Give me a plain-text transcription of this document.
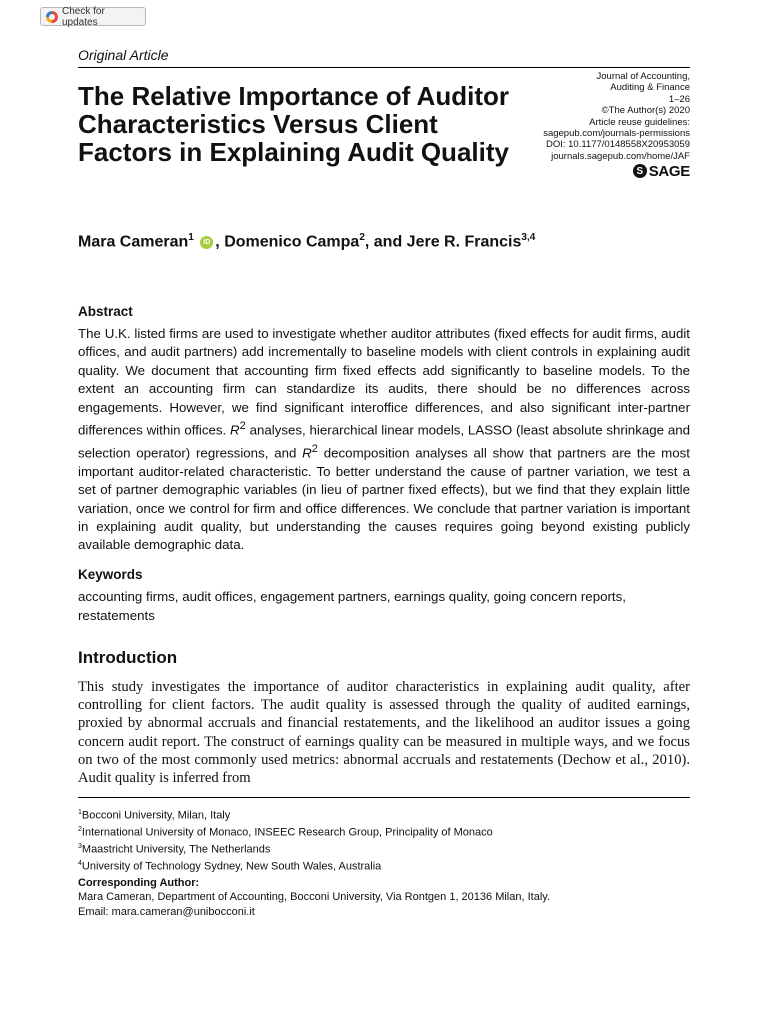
Check for updates
Original Article
The Relative Importance of Auditor Characteristics Versus Client Factors in Explaining Audit Quality
Journal of Accounting,
Auditing & Finance
1–26
©The Author(s) 2020
Article reuse guidelines:
sagepub.com/journals-permissions
DOI: 10.1177/0148558X20953059
journals.sagepub.com/home/JAF
S SAGE
Mara Cameran$^1$ iD , Domenico Campa$^2$, and Jere R. Francis$^{3,4}$
Abstract
The U.K. listed firms are used to investigate whether auditor attributes (fixed effects for audit firms, audit offices, and audit partners) add incrementally to baseline models with client controls in explaining audit quality. We document that accounting firm fixed effects add significantly to baseline models. To the extent an accounting firm can standardize its audits, there should be no differences across engagements. However, we find significant interoffice differences, and also significant inter-partner differences within offices. $R^2$ analyses, hierarchical linear models, LASSO (least absolute shrinkage and selection operator) regressions, and $R^2$ decomposition analyses all show that partners are the most important auditor-related characteristic. To better understand the cause of partner variation, we test a set of partner demographic variables (in lieu of partner fixed effects), but we find that they explain little variation, once we control for firm and office differences. We conclude that partner variation is important in explaining audit quality, but understanding the causes requires going beyond existing publicly available demographic data.
Keywords
accounting firms, audit offices, engagement partners, earnings quality, going concern reports, restatements
Introduction
This study investigates the importance of auditor characteristics in explaining audit quality, after controlling for client factors. The audit quality is assessed through the quality of audited earnings, proxied by abnormal accruals and financial restatements, and the likelihood an auditor issues a going concern audit report. The construct of earnings quality can be measured in multiple ways, and we focus on two of the most commonly used metrics: abnormal accruals and restatements (Dechow et al., 2010). Audit quality is inferred from
$^1$Bocconi University, Milan, Italy
$^2$International University of Monaco, INSEEC Research Group, Principality of Monaco
$^3$Maastricht University, The Netherlands
$^4$University of Technology Sydney, New South Wales, Australia
Corresponding Author:
Mara Cameran, Department of Accounting, Bocconi University, Via Rontgen 1, 20136 Milan, Italy.
Email: mara.cameran@unibocconi.it
